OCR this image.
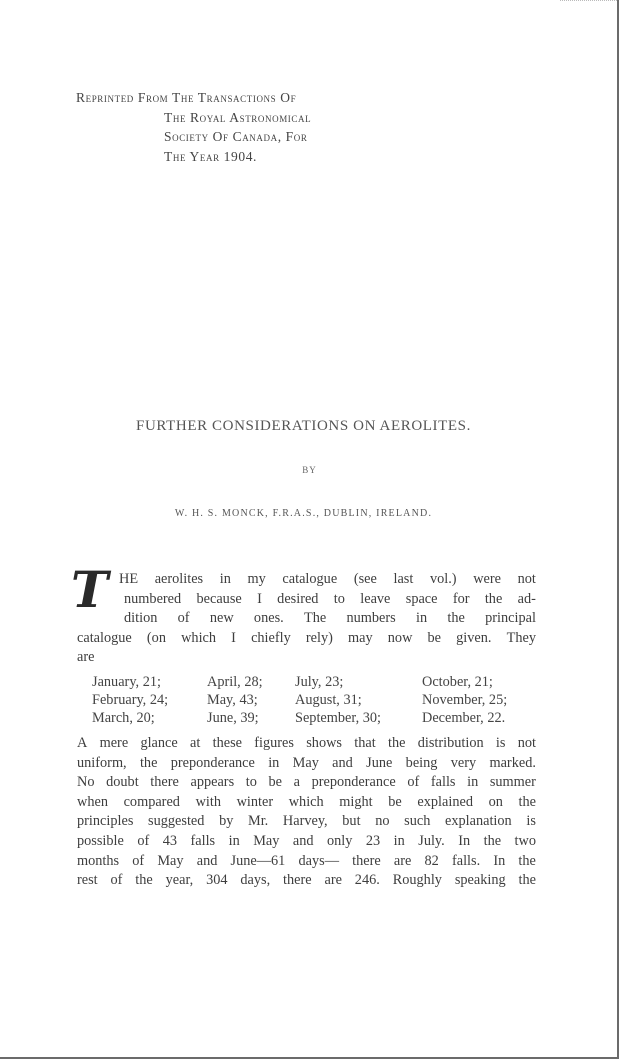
Reprinted From The Transactions Of
The Royal Astronomical
Society Of Canada, For
The Year 1904.
FURTHER CONSIDERATIONS ON AEROLITES.
BY
W. H. S. MONCK, F.R.A.S., DUBLIN, IRELAND.
T HE aerolites in my catalogue (see last vol.) were not
numbered because I desired to leave space for the ad-
dition of new ones. The numbers in the principal
catalogue (on which I chiefly rely) may now be given. They
are
January, 21;	April, 28;	July, 23;	October, 21;
February, 24;	May, 43;	August, 31;	November, 25;
March, 20;	June, 39;	September, 30;	December, 22.
A mere glance at these figures shows that the distribution is not
uniform, the preponderance in May and June being very marked.
No doubt there appears to be a preponderance of falls in summer
when compared with winter which might be explained on the
principles suggested by Mr. Harvey, but no such explanation is
possible of 43 falls in May and only 23 in July. In the two
months of May and June—61 days— there are 82 falls. In the
rest of the year, 304 days, there are 246. Roughly speaking the
